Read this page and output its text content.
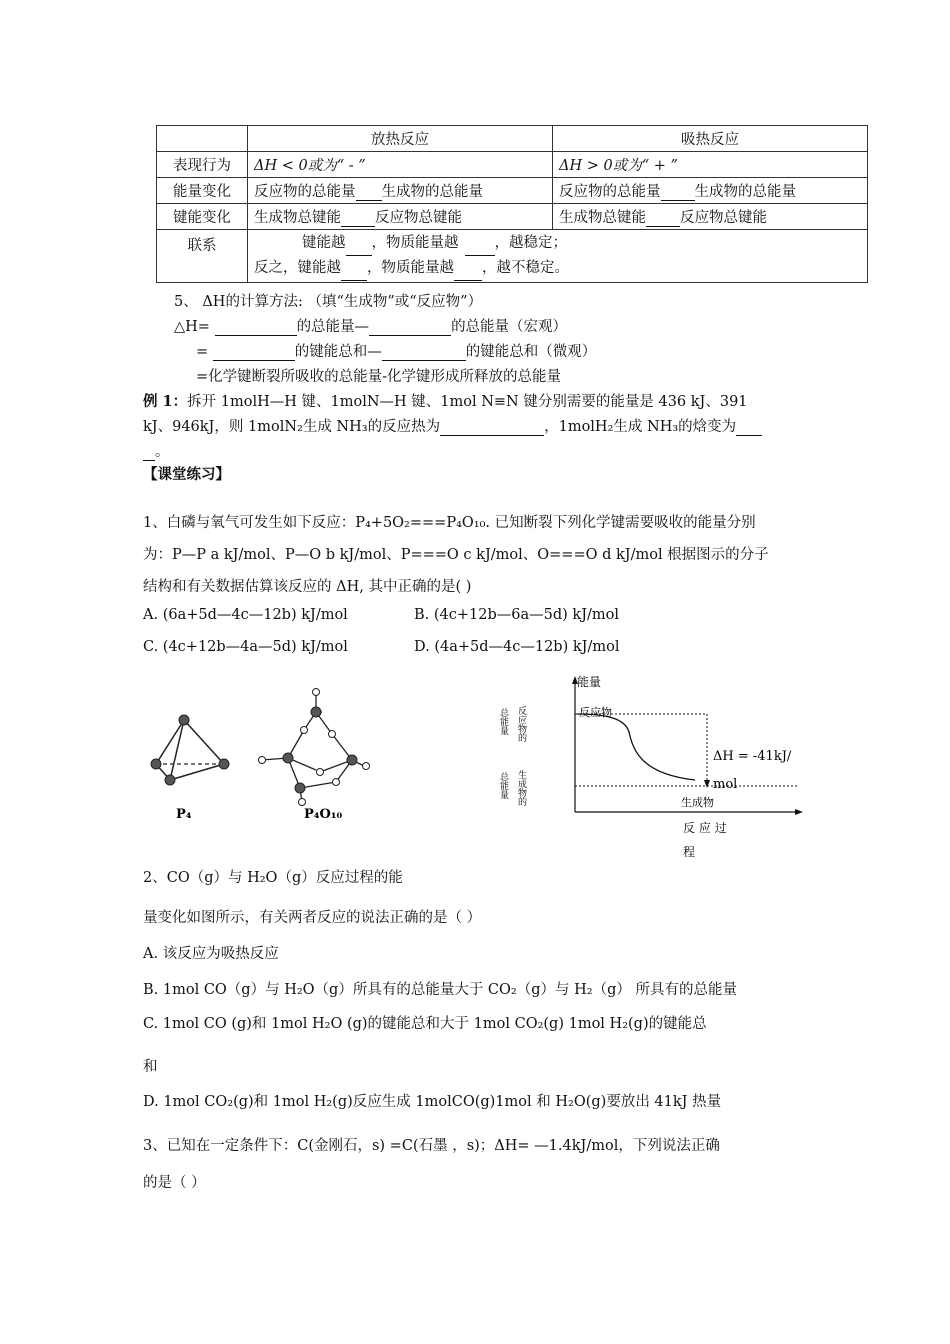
	放热反应	吸热反应
表现行为	ΔH < 0或为“ - ”	ΔH > 0或为“ + ”
能量变化	反应物的总能量 生成物的总能量	反应物的总能量 生成物的总能量
键能变化	生成物总键能 反应物总键能	生成物总键能 反应物总键能
联系	键能越 ，物质能量越 ，越稳定；
反之，键能越 ，物质能量越 ，越不稳定。	
5、 ΔH的计算方法: （填“生成物”或“反应物”）
△H=	的总能量—	的总能量（宏观）
=	的键能总和—	的键能总和（微观）
=化学键断裂所吸收的总能量-化学键形成所释放的总能量
例 1：拆开 1molH—H 键、1molN—H 键、1mol N≡N 键分别需要的能量是 436 kJ、391
kJ、946kJ，则 1molN₂生成 NH₃的反应热为	，1molH₂生成 NH₃的焓变为
。
【课堂练习】
1、白磷与氧气可发生如下反应：P₄+5O₂===P₄O₁₀. 已知断裂下列化学键需要吸收的能量分别
为：P—P a kJ/mol、P—O b kJ/mol、P===O c kJ/mol、O===O d kJ/mol 根据图示的分子
结构和有关数据估算该反应的 ΔH, 其中正确的是( )
A. (6a+5d—4c—12b) kJ/mol	B. (4c+12b—6a—5d) kJ/mol
C. (4c+12b—4a—5d) kJ/mol	D. (4a+5d—4c—12b) kJ/mol
P₄	P₄O₁₀
能量
反应物
生成物
ΔH = -41kJ/
mol
反 应 过
程
总能量 反应物的
总能量 生成物的
2、CO（g）与 H₂O（g）反应过程的能
量变化如图所示，有关两者反应的说法正确的是（ ）
A. 该反应为吸热反应
B. 1mol CO（g）与 H₂O（g）所具有的总能量大于 CO₂（g）与 H₂（g） 所具有的总能量
C. 1mol CO (g)和 1mol H₂O (g)的键能总和大于 1mol CO₂(g) 1mol H₂(g)的键能总
和
D. 1mol CO₂(g)和 1mol H₂(g)反应生成 1molCO(g)1mol 和 H₂O(g)要放出 41kJ 热量
3、已知在一定条件下：C(金刚石，s) =C(石墨 ，s)；ΔH= —1.4kJ/mol，下列说法正确
的是（ ）
